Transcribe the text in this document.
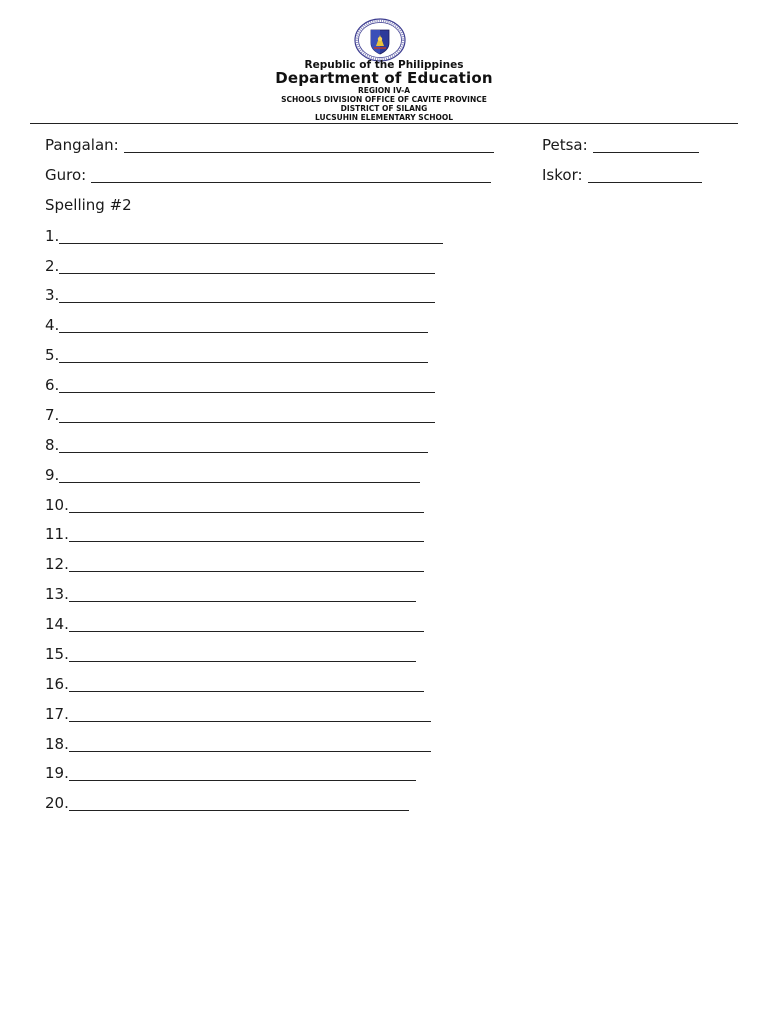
Republic of the Philippines
Department of Education
REGION IV-A
SCHOOLS DIVISION OFFICE OF CAVITE PROVINCE
DISTRICT OF SILANG
LUCSUHIN ELEMENTARY SCHOOL
Pangalan:	Petsa:
Guro:	Iskor:
Spelling #2
1.
2.
3.
4.
5.
6.
7.
8.
9.
10.
11.
12.
13.
14.
15.
16.
17.
18.
19.
20.
